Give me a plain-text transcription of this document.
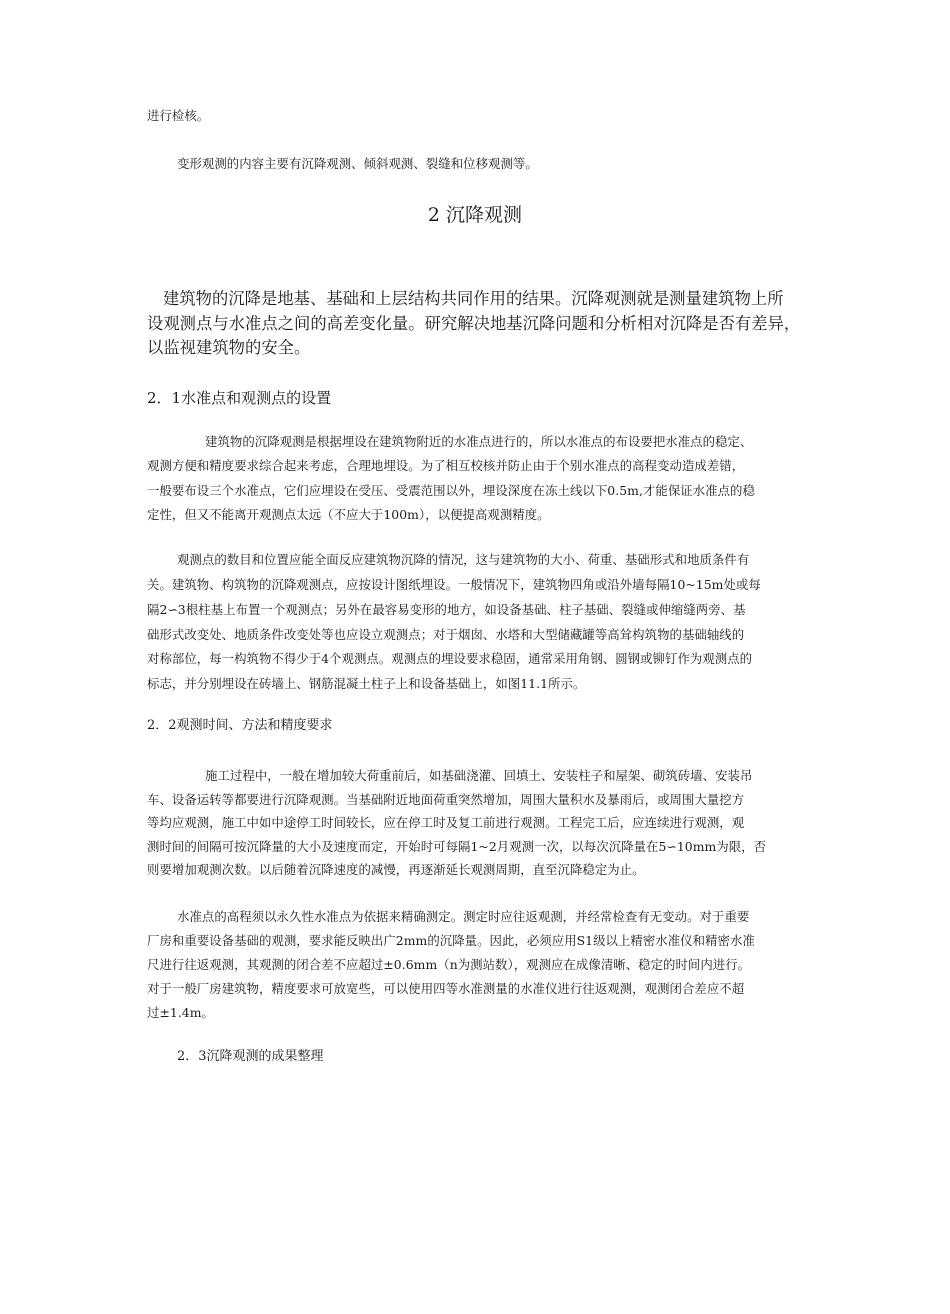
进行检核。

变形观测的内容主要有沉降观测、倾斜观测、裂缝和位移观测等。

2 沉降观测

建筑物的沉降是地基、基础和上层结构共同作用的结果。沉降观测就是测量建筑物上所

设观测点与水准点之间的高差变化量。研究解决地基沉降问题和分析相对沉降是否有差异，

以监视建筑物的安全。

2．1水准点和观测点的设置

建筑物的沉降观测是根据埋设在建筑物附近的水准点进行的，所以水准点的布设要把水准点的稳定、

观测方便和精度要求综合起来考虑，合理地埋设。为了相互校核并防止由于个别水准点的高程变动造成差错，

一般要布设三个水准点，它们应埋设在受压、受震范围以外，埋设深度在冻土线以下0.5m,才能保证水准点的稳

定性，但又不能离开观测点太远（不应大于100m），以便提高观测精度。

观测点的数目和位置应能全面反应建筑物沉降的情况，这与建筑物的大小、荷重、基础形式和地质条件有

关。建筑物、构筑物的沉降观测点，应按设计图纸埋设。一般情况下，建筑物四角或沿外墙每隔10~15m处或每

隔2∽3根柱基上布置一个观测点；另外在最容易变形的地方，如设备基础、柱子基础、裂缝或伸缩缝两旁、基

础形式改变处、地质条件改变处等也应设立观测点；对于烟囱、水塔和大型储藏罐等高耸构筑物的基础轴线的

对称部位，每一构筑物不得少于4个观测点。观测点的埋设要求稳固，通常采用角钢、圆钢或铆钉作为观测点的

标志，并分别埋设在砖墙上、钢筋混凝土柱子上和设备基础上，如图11.1所示。

2．2观测时间、方法和精度要求

施工过程中，一般在增加较大荷重前后，如基础浇灌、回填土、安装柱子和屋架、砌筑砖墙、安装吊

车、设备运转等都要进行沉降观测。当基础附近地面荷重突然增加，周围大量积水及暴雨后，或周围大量挖方

等均应观测，施工中如中途停工时间较长，应在停工时及复工前进行观测。工程完工后，应连续进行观测，观

测时间的间隔可按沉降量的大小及速度而定，开始时可每隔1~2月观测一次，以每次沉降量在5∽10mm为限，否

则要增加观测次数。以后随着沉降速度的减慢，再逐渐延长观测周期，直至沉降稳定为止。

水准点的高程须以永久性水准点为依据来精确测定。测定时应往返观测，并经常检查有无变动。对于重要

厂房和重要设备基础的观测，要求能反映出广2mm的沉降量。因此，必须应用S1级以上精密水准仪和精密水准

尺进行往返观测，其观测的闭合差不应超过±0.6mm（n为测站数），观测应在成像清晰、稳定的时间内进行。

对于一般厂房建筑物，精度要求可放宽些，可以使用四等水准测量的水准仪进行往返观测，观测闭合差应不超

过±1.4m。

2．3沉降观测的成果整理
